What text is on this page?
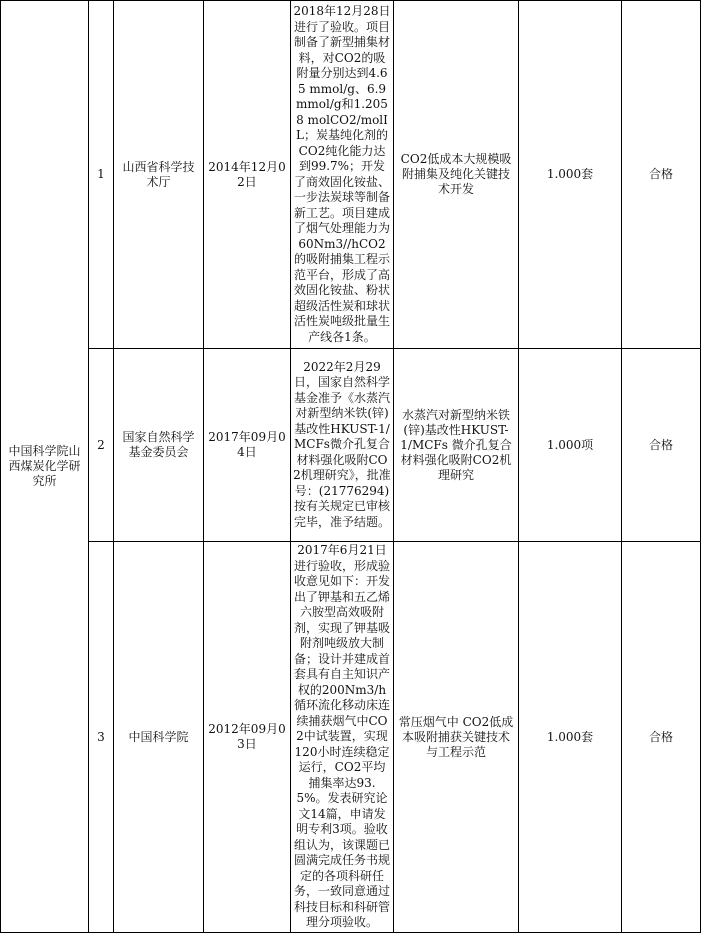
中国科学院山西煤炭化学研究所	1	山西省科学技术厅	2014年12月02日	2018年12月28日进行了验收。项目制备了新型捕集材料，对CO2的吸附量分别达到4.65 mmol/g、6.9mmol/g和1.2058 molCO2/molIL；炭基纯化剂的CO2纯化能力达到99.7%；开发了商效固化铵盐、一步法炭球等制备新工艺。项目建成了烟气处理能力为60Nm3//hCO2的吸附捕集工程示范平台，形成了高效固化铵盐、粉状超级活性炭和球状活性炭吨级批量生产线各1条。	CO2低成本大规模吸附捕集及纯化关键技术开发	1.000套	合格
	2	国家自然科学基金委员会	2017年09月04日	2022年2月29日，国家自然科学基金准予《水蒸汽对新型纳米铁(锌)基改性HKUST-1/MCFs微介孔复合材料强化吸附CO2机理研究》，批准号：(21776294)按有关规定已审核完毕，准予结题。	水蒸汽对新型纳米铁(锌)基改性HKUST-1/MCFs 微介孔复合材料强化吸附CO2机理研究	1.000项	合格
	3	中国科学院	2012年09月03日	2017年6月21日进行验收，形成验收意见如下：开发出了钾基和五乙烯六胺型高效吸附剂，实现了钾基吸附剂吨级放大制备；设计并建成首套具有自主知识产权的200Nm3/h循环流化移动床连续捕获烟气中CO2中试装置，实现120小时连续稳定运行，CO2平均捕集率达93.5%。发表研究论文14篇，申请发明专利3项。验收组认为，该课题已圆满完成任务书规定的各项科研任务，一致同意通过科技目标和科研管理分项验收。	常压烟气中 CO2低成本吸附捕获关键技术与工程示范	1.000套	合格
